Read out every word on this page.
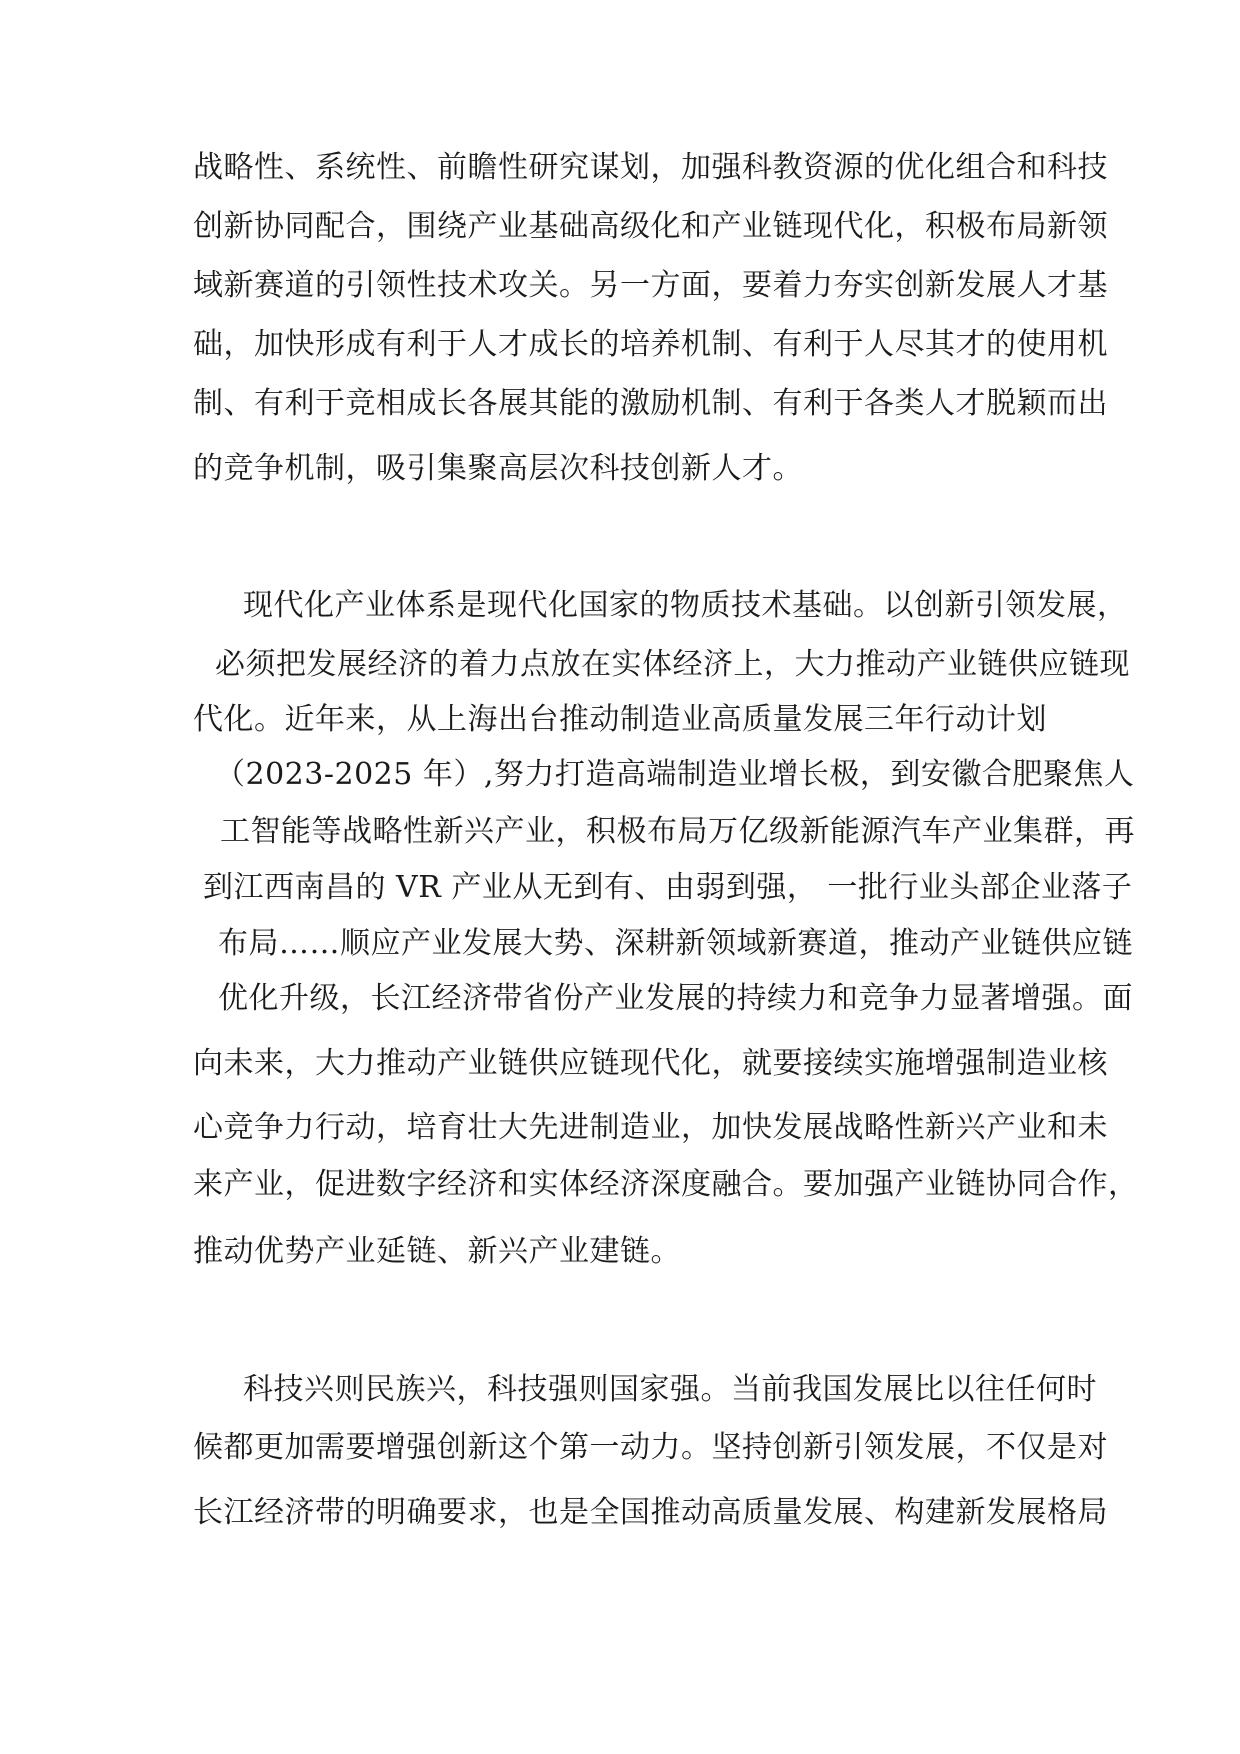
战略性、系统性、前瞻性研究谋划，加强科教资源的优化组合和科技
创新协同配合，围绕产业基础高级化和产业链现代化，积极布局新领
域新赛道的引领性技术攻关。另一方面，要着力夯实创新发展人才基
础，加快形成有利于人才成长的培养机制、有利于人尽其才的使用机
制、有利于竞相成长各展其能的激励机制、有利于各类人才脱颖而出
的竞争机制，吸引集聚高层次科技创新人才。
现代化产业体系是现代化国家的物质技术基础。以创新引领发展，
必须把发展经济的着力点放在实体经济上，大力推动产业链供应链现
代化。近年来，从上海出台推动制造业高质量发展三年行动计划
（2023-2025 年）,努力打造高端制造业增长极，到安徽合肥聚焦人
工智能等战略性新兴产业，积极布局万亿级新能源汽车产业集群，再
到江西南昌的 VR 产业从无到有、由弱到强， 一批行业头部企业落子
布局……顺应产业发展大势、深耕新领域新赛道，推动产业链供应链
优化升级，长江经济带省份产业发展的持续力和竞争力显著增强。面
向未来，大力推动产业链供应链现代化，就要接续实施增强制造业核
心竞争力行动，培育壮大先进制造业，加快发展战略性新兴产业和未
来产业，促进数字经济和实体经济深度融合。要加强产业链协同合作，
推动优势产业延链、新兴产业建链。
科技兴则民族兴，科技强则国家强。当前我国发展比以往任何时
候都更加需要增强创新这个第一动力。坚持创新引领发展，不仅是对
长江经济带的明确要求，也是全国推动高质量发展、构建新发展格局
